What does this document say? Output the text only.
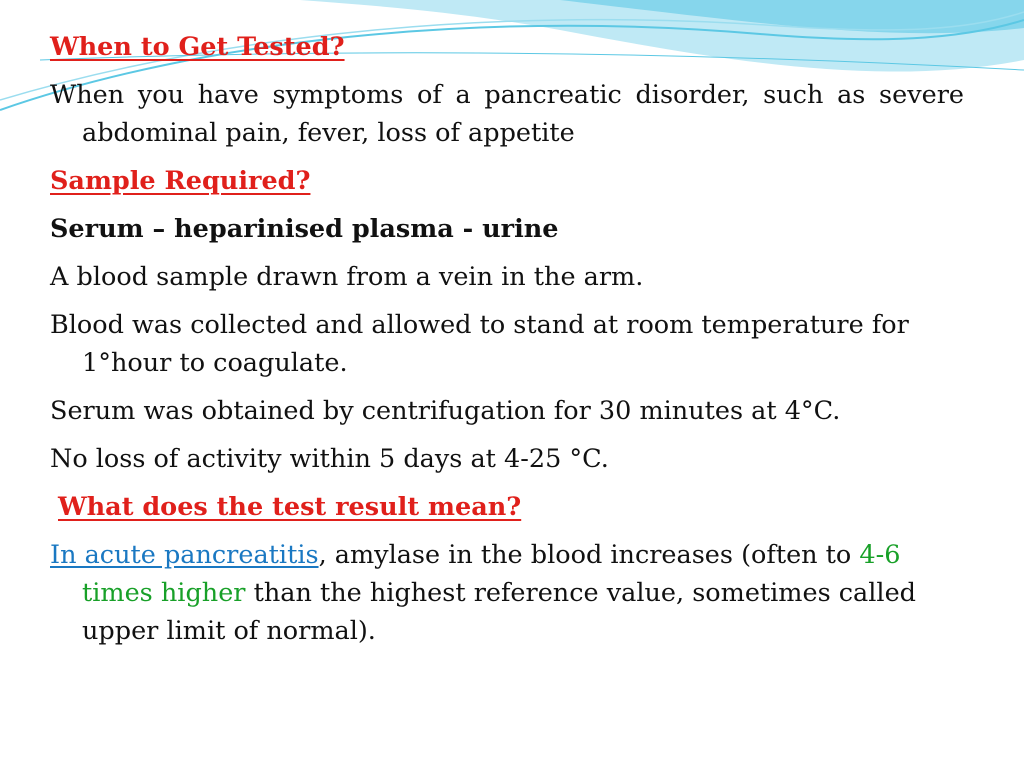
When to Get Tested?

When you have symptoms of a pancreatic disorder, such as severe abdominal pain, fever, loss of appetite

Sample Required?

Serum – heparinised plasma - urine

A blood sample drawn from a vein in the arm.

Blood was collected and allowed to stand at room temperature for 1°hour to coagulate.

Serum was obtained by centrifugation for 30 minutes at 4°C.

No loss of activity within 5 days at 4-25 °C.

What does the test result mean?

In acute pancreatitis, amylase in the blood increases (often to 4-6 times higher than the highest reference value, sometimes called upper limit of normal).
